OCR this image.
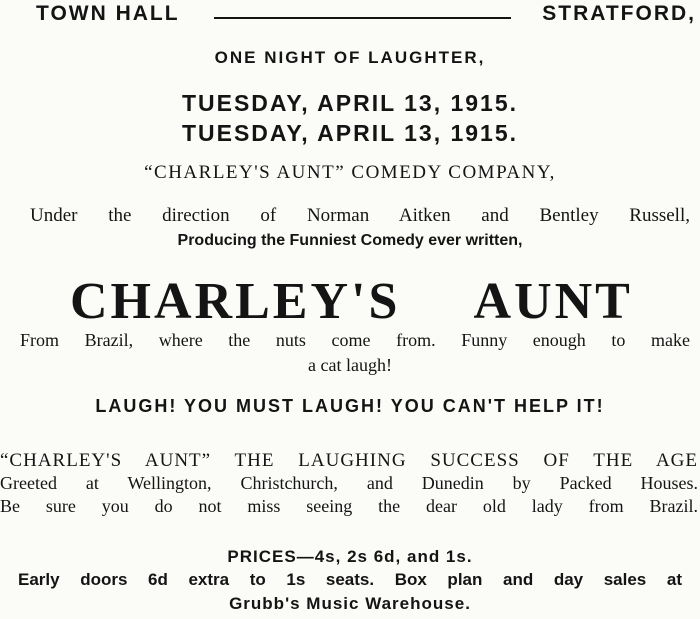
TOWN HALL	STRATFORD,
ONE NIGHT OF LAUGHTER,
TUESDAY, APRIL 13, 1915.
TUESDAY, APRIL 13, 1915.
“CHARLEY'S AUNT” COMEDY COMPANY,
Under the direction of Norman Aitken and Bentley Russell,
Producing the Funniest Comedy ever written,
CHARLEY'S AUNT
From Brazil, where the nuts come from. Funny enough to make
a cat laugh!
LAUGH! YOU MUST LAUGH! YOU CAN'T HELP IT!
“CHARLEY'S AUNT” THE LAUGHING SUCCESS OF THE AGE
Greeted at Wellington, Christchurch, and Dunedin by Packed Houses.
Be sure you do not miss seeing the dear old lady from Brazil.
PRICES—4s, 2s 6d, and 1s.
Early doors 6d extra to 1s seats. Box plan and day sales at
Grubb's Music Warehouse.
